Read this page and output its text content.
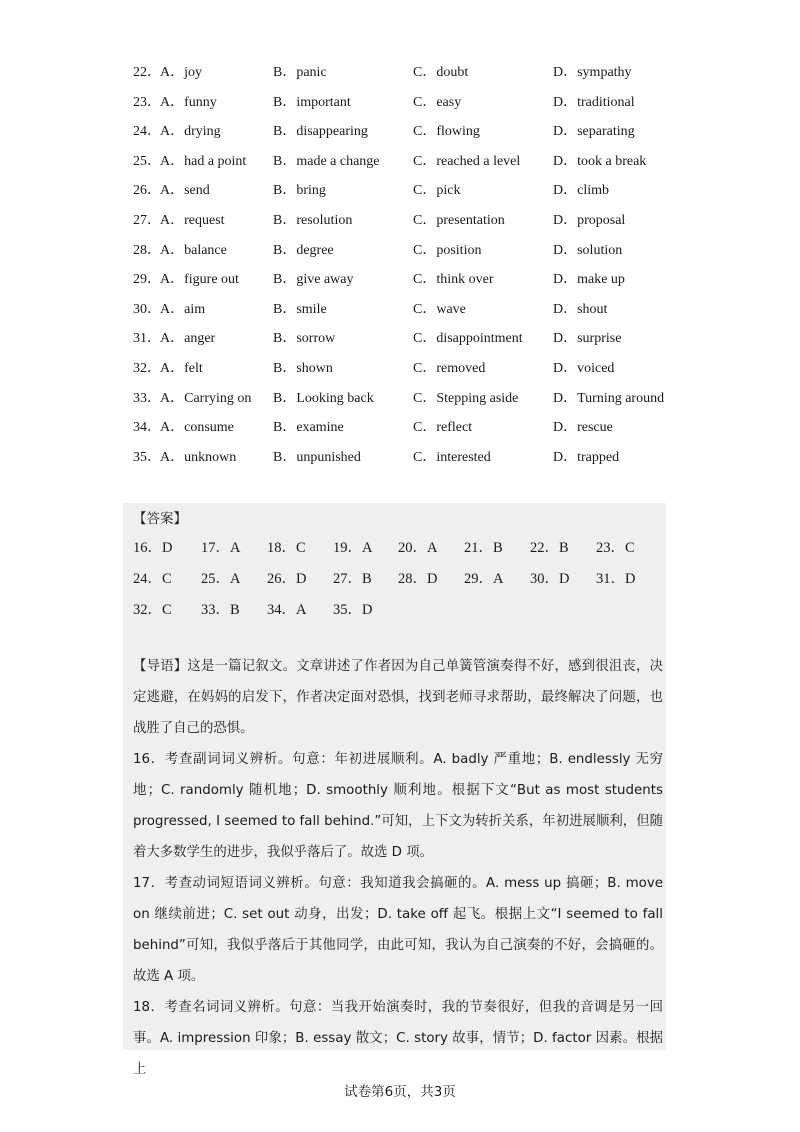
22． A．joy	B．panic	C．doubt	D．sympathy
23． A．funny	B．important	C．easy	D．traditional
24． A．drying	B．disappearing	C．flowing	D．separating
25． A．had a point B．made a change C．reached a level D．took a break
26． A．send	B．bring	C．pick	D．climb
27． A．request	B．resolution	C．presentation	D．proposal
28． A．balance	B．degree	C．position	D．solution
29． A．figure out B．give away	C．think over	D．make up
30． A．aim	B．smile	C．wave	D．shout
31． A．anger	B．sorrow	C．disappointment D．surprise
32． A．felt	B．shown	C．removed	D．voiced
33． A．Carrying on B．Looking back	C．Stepping aside D．Turning around
34． A．consume	B．examine	C．reflect	D．rescue
35． A．unknown	B．unpunished	C．interested	D．trapped
【答案】
16．D 17．A 18．C 19．A 20．A 21．B 22．B 23．C
24．C 25．A 26．D 27．B 28．D 29．A 30．D 31．D
32．C 33．B 34．A 35．D

【导语】这是一篇记叙文。文章讲述了作者因为自己单簧管演奏得不好，感到很沮丧，决定逃避，在妈妈的启发下，作者决定面对恐惧，找到老师寻求帮助，最终解决了问题，也战胜了自己的恐惧。

16．考查副词词义辨析。句意：年初进展顺利。A. badly 严重地；B. endlessly 无穷地；C. randomly 随机地；D. smoothly 顺利地。根据下文“But as most students progressed, I seemed to fall behind.”可知，上下文为转折关系，年初进展顺利，但随着大多数学生的进步，我似乎落后了。故选 D 项。

17．考查动词短语词义辨析。句意：我知道我会搞砸的。A. mess up 搞砸；B. move on 继续前进；C. set out 动身，出发；D. take off 起飞。根据上文“I seemed to fall behind”可知，我似乎落后于其他同学，由此可知，我认为自己演奏的不好，会搞砸的。故选 A 项。

18．考查名词词义辨析。句意：当我开始演奏时，我的节奏很好，但我的音调是另一回事。A. impression 印象；B. essay 散文；C. story 故事，情节；D. factor 因素。根据上

试卷第6页，共3页
